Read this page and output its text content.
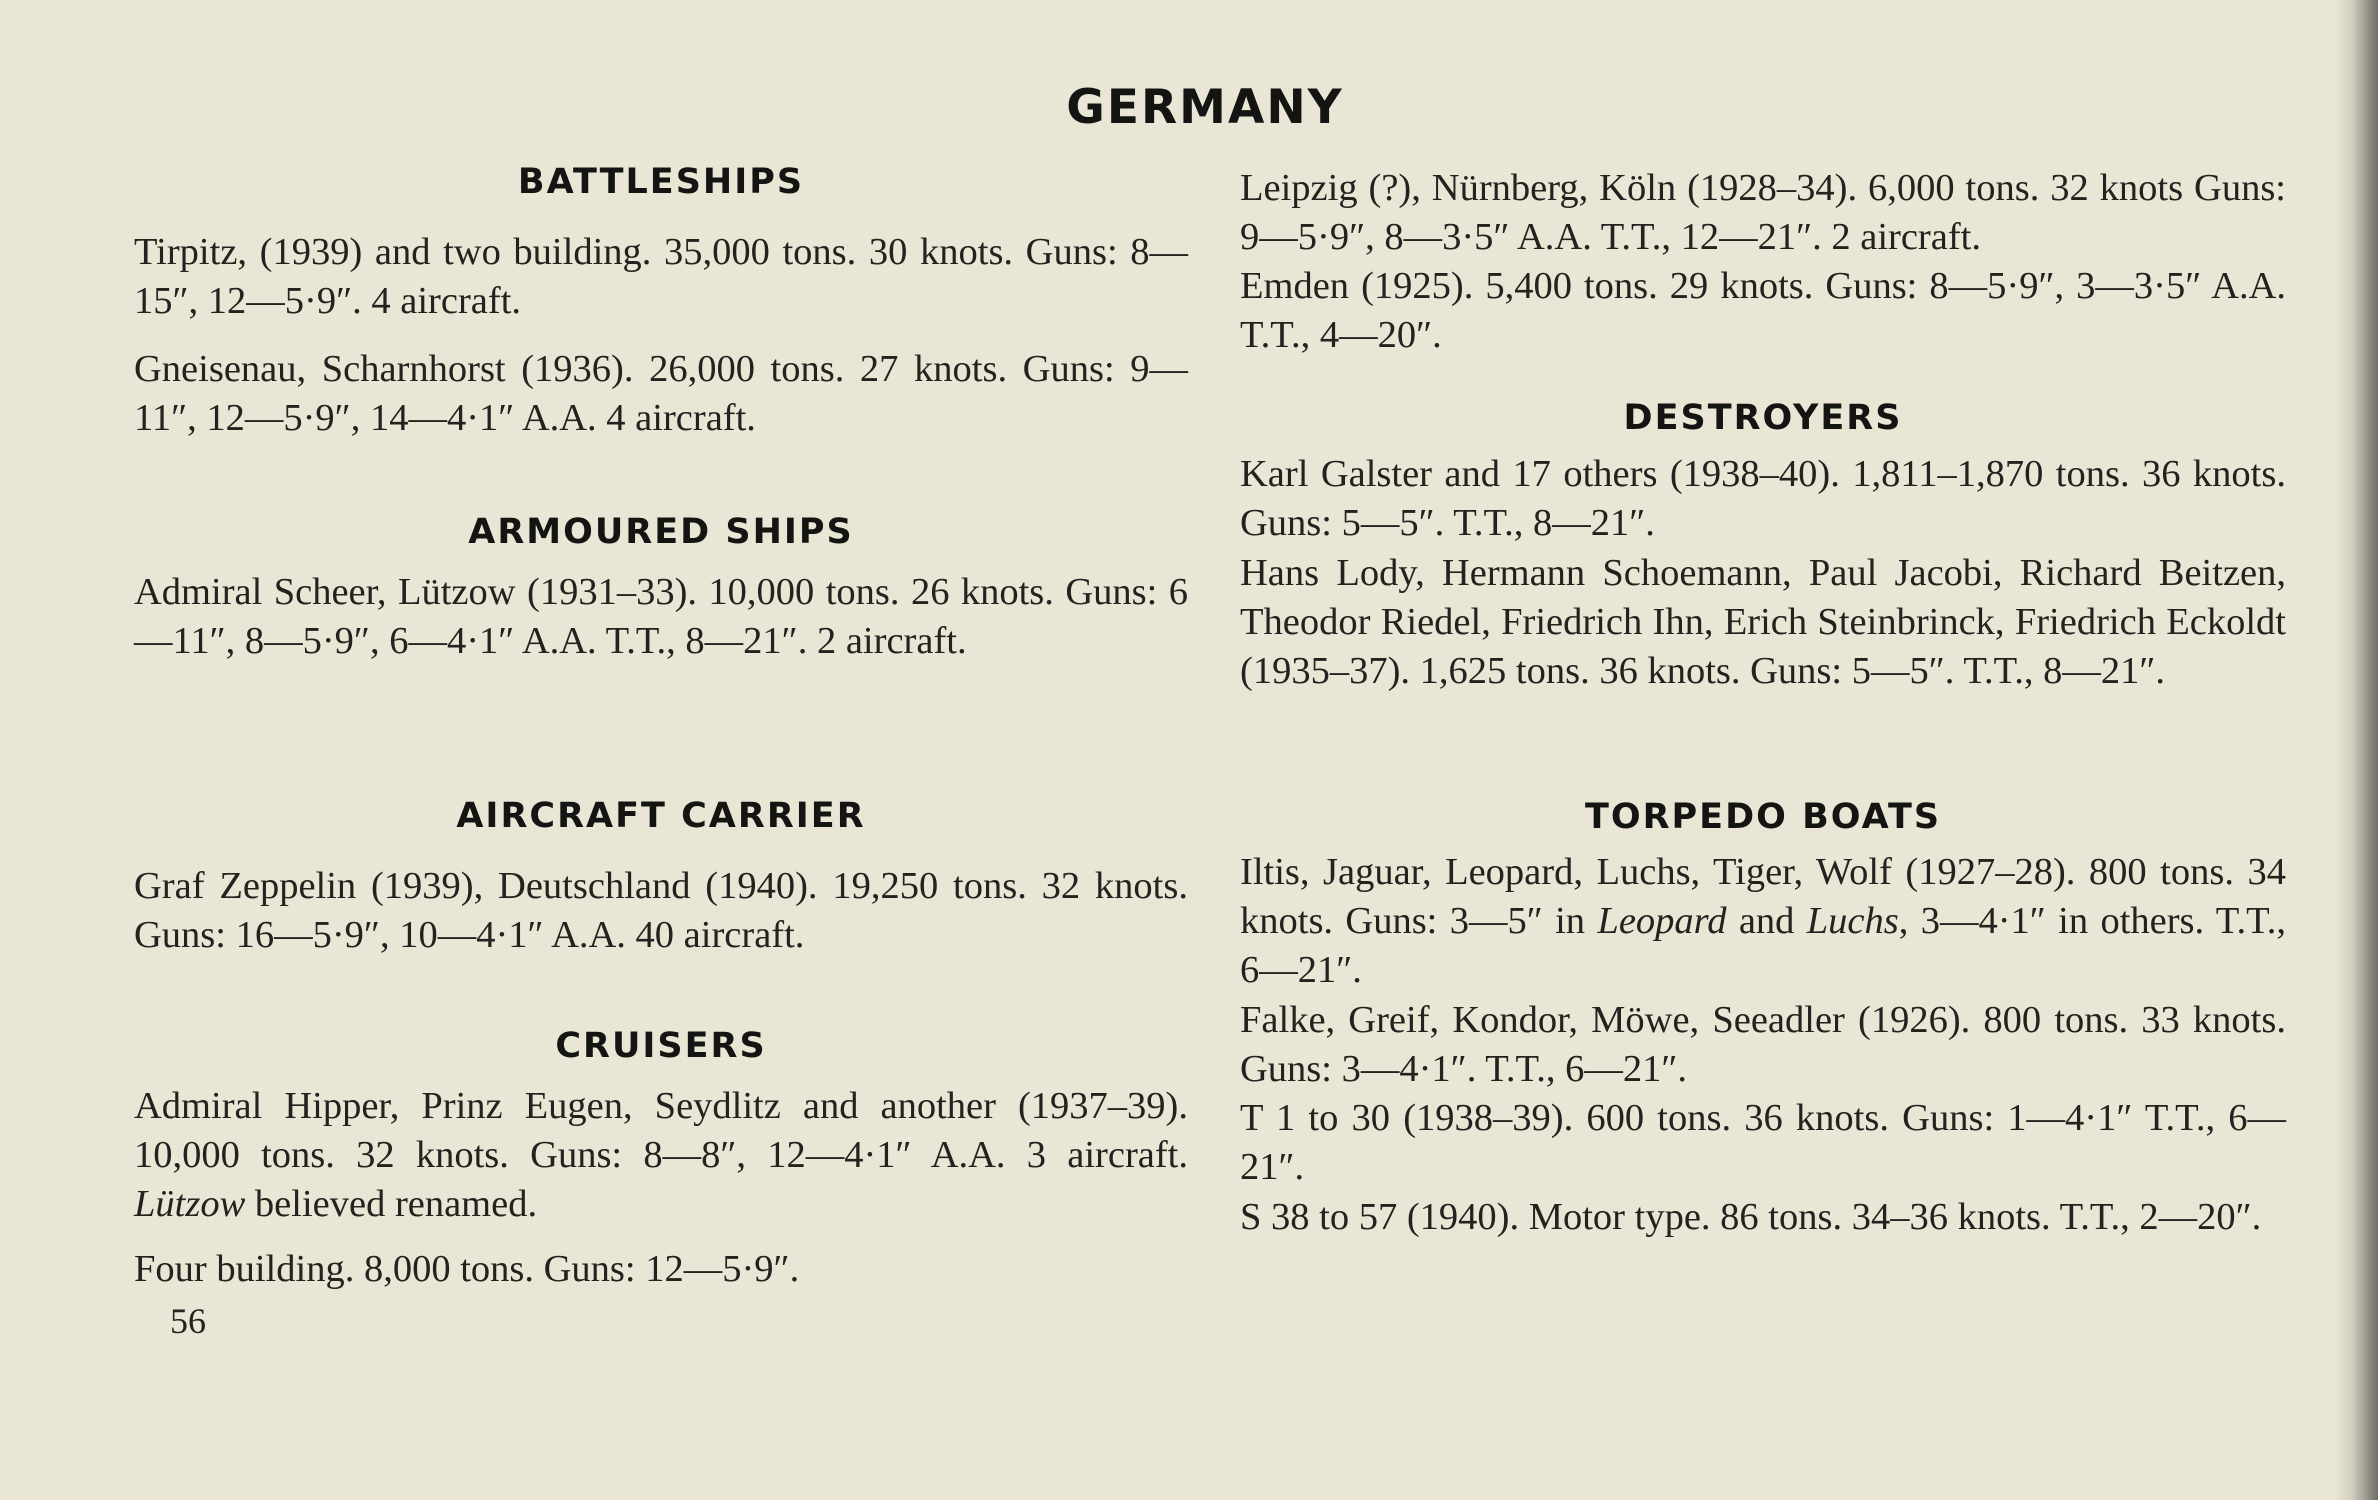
GERMANY
BATTLESHIPS

Tirpitz, (1939) and two building. 35,000 tons. 30 knots. Guns: 8—15″, 12—5·9″. 4 aircraft.

Gneisenau, Scharnhorst (1936). 26,000 tons. 27 knots. Guns: 9—11″, 12—5·9″, 14—4·1″ A.A. 4 aircraft.

ARMOURED SHIPS

Admiral Scheer, Lützow (1931–33). 10,000 tons. 26 knots. Guns: 6—11″, 8—5·9″, 6—4·1″ A.A. T.T., 8—21″. 2 aircraft.

AIRCRAFT CARRIER

Graf Zeppelin (1939), Deutschland (1940). 19,250 tons. 32 knots. Guns: 16—5·9″, 10—4·1″ A.A. 40 aircraft.

CRUISERS

Admiral Hipper, Prinz Eugen, Seydlitz and another (1937–39). 10,000 tons. 32 knots. Guns: 8—8″, 12—4·1″ A.A. 3 aircraft. Lützow believed renamed.

Four building. 8,000 tons. Guns: 12—5·9″.

56

Leipzig (?), Nürnberg, Köln (1928–34). 6,000 tons. 32 knots Guns: 9—5·9″, 8—3·5″ A.A. T.T., 12—21″. 2 aircraft.

Emden (1925). 5,400 tons. 29 knots. Guns: 8—5·9″, 3—3·5″ A.A. T.T., 4—20″.

DESTROYERS

Karl Galster and 17 others (1938–40). 1,811–1,870 tons. 36 knots. Guns: 5—5″. T.T., 8—21″.

Hans Lody, Hermann Schoemann, Paul Jacobi, Richard Beitzen, Theodor Riedel, Friedrich Ihn, Erich Steinbrinck, Friedrich Eckoldt (1935–37). 1,625 tons. 36 knots. Guns: 5—5″. T.T., 8—21″.

TORPEDO BOATS

Iltis, Jaguar, Leopard, Luchs, Tiger, Wolf (1927–28). 800 tons. 34 knots. Guns: 3—5″ in Leopard and Luchs, 3—4·1″ in others. T.T., 6—21″.

Falke, Greif, Kondor, Möwe, Seeadler (1926). 800 tons. 33 knots. Guns: 3—4·1″. T.T., 6—21″.

T 1 to 30 (1938–39). 600 tons. 36 knots. Guns: 1—4·1″ T.T., 6—21″.

S 38 to 57 (1940). Motor type. 86 tons. 34–36 knots. T.T., 2—20″.
